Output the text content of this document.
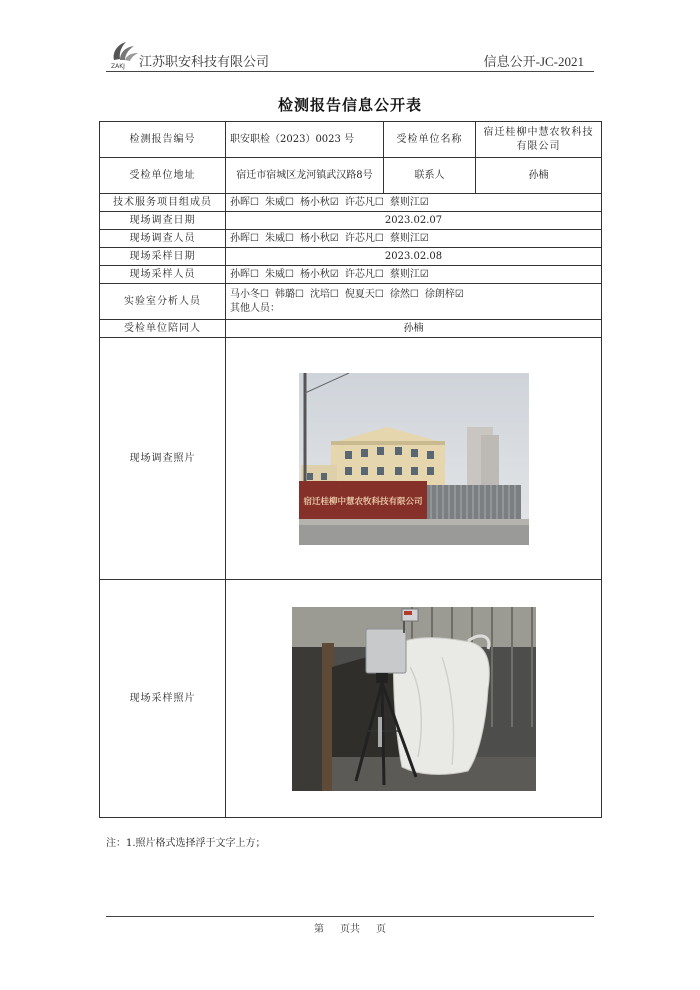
ZAKJ 江苏职安科技有限公司	信息公开-JC-2021
检测报告信息公开表
检测报告编号	职安职检（2023）0023 号	受检单位名称	宿迁桂柳中慧农牧科技有限公司
受检单位地址	宿迁市宿城区龙河镇武汉路8号	联系人	孙楠
技术服务项目组成员	孙晖☐ 朱威☐ 杨小秋☑ 许芯凡☐ 蔡则江☑		
现场调查日期	2023.02.07		
现场调查人员	孙晖☐ 朱威☐ 杨小秋☑ 许芯凡☐ 蔡则江☑		
现场采样日期	2023.02.08		
现场采样人员	孙晖☐ 朱威☐ 杨小秋☑ 许芯凡☐ 蔡则江☑		
实验室分析人员	马小冬☐ 韩璐☐ 沈培☐ 倪夏天☐ 徐然☐ 徐朗梓☑
其他人员：		

受检单位陪同人	孙楠		
现场调查照片	宿迁桂柳中慧农牧科技有限公司		

现场采样照片	
注：1.照片格式选择浮于文字上方；
第 页共 页
